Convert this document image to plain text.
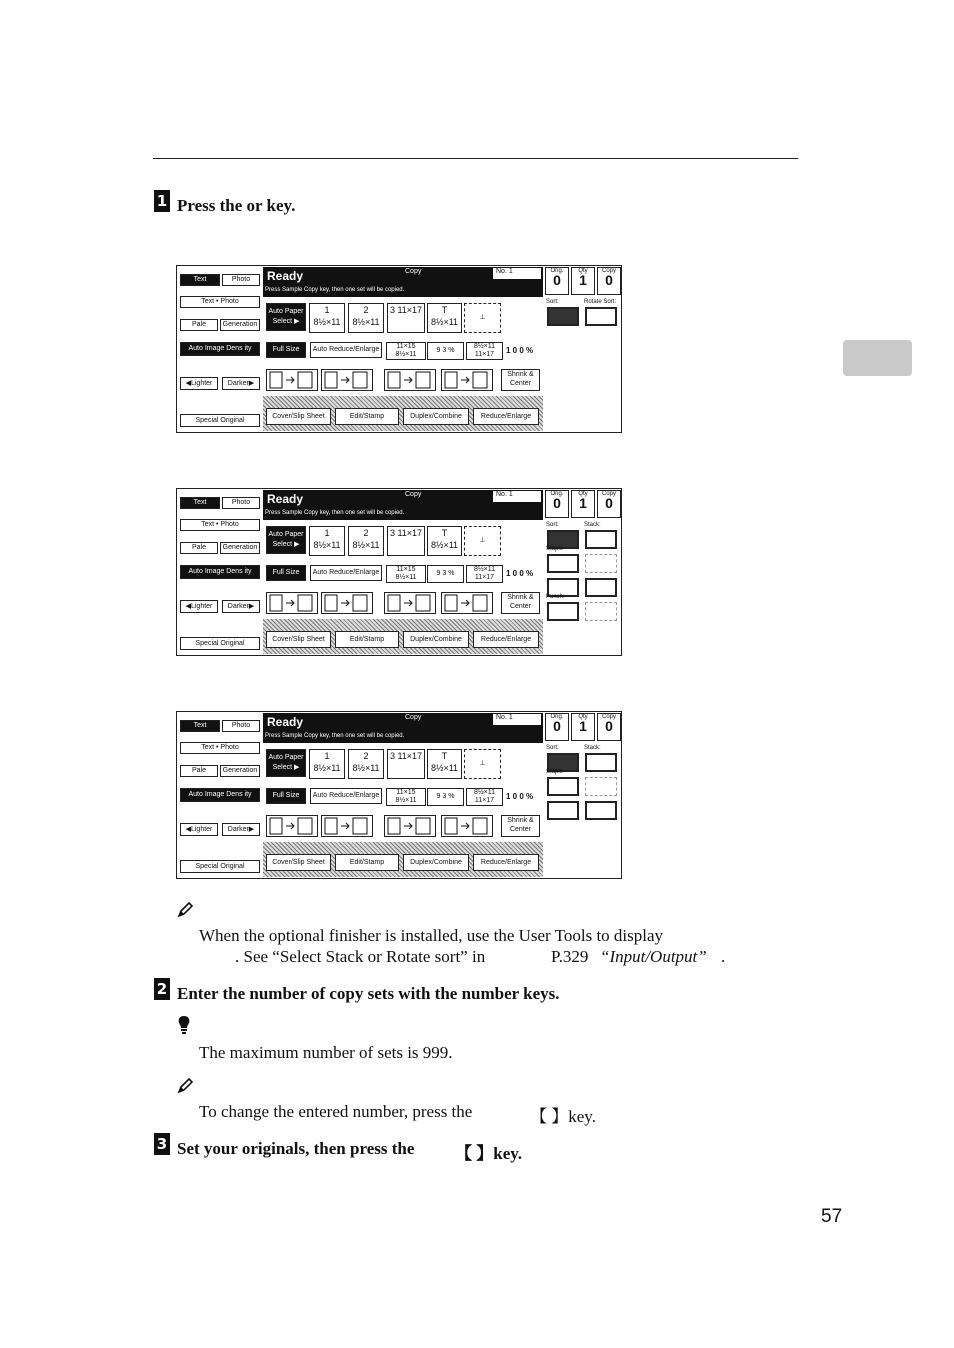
1 Press the or key.
Text	Photo
Text • Photo
Pale	Generation
Auto Image Dens ity
◀Lighter	Darker▶
Special Original
Ready	Copy
Press Sample Copy key, then one set will be copied.
No. 1
Auto Paper Select ▶
1 8½×11
2 8½×11
3 11×17	T 8½×11	⊥
Full Size	Auto Reduce/Enlarge	11×15 8½×11
9 3 %
8½×11 11×17	1 0 0 %
Shrink & Center
Cover/Slip Sheet	Edit/Stamp	Duplex/Combine	Reduce/Enlarge
Orig.
0
Qty
1
Copy
0
Sort:	Rotate Sort:
Text	Photo
Text • Photo
Pale	Generation
Auto Image Dens ity
◀Lighter	Darker▶
Special Original
Ready	Copy
Press Sample Copy key, then one set will be copied.
No. 1
Auto Paper Select ▶
1 8½×11
2 8½×11
3 11×17	T 8½×11	⊥
Full Size	Auto Reduce/Enlarge	11×15 8½×11
9 3 %
8½×11 11×17	1 0 0 %
Shrink & Center
Cover/Slip Sheet	Edit/Stamp	Duplex/Combine	Reduce/Enlarge
Orig.
0
Qty
1
Copy
0
Sort:	Stack:
Staple
Punch:
Text	Photo
Text • Photo
Pale	Generation
Auto Image Dens ity
◀Lighter	Darker▶
Special Original
Ready	Copy
Press Sample Copy key, then one set will be copied.
No. 1
Auto Paper Select ▶
1 8½×11
2 8½×11
3 11×17	T 8½×11	⊥
Full Size	Auto Reduce/Enlarge	11×15 8½×11
9 3 %
8½×11 11×17	1 0 0 %
Shrink & Center
Cover/Slip Sheet	Edit/Stamp	Duplex/Combine	Reduce/Enlarge
Orig.
0
Qty
1
Copy
0
Sort:	Stack:
Staple
When the optional finisher is installed, use the User Tools to display
. See “Select Stack or Rotate sort” in	P.329 “Input/Output” .
2 Enter the number of copy sets with the number keys.
The maximum number of sets is 999.
To change the entered number, press the	【 】key.
3 Set your originals, then press the 【 】key.
57
